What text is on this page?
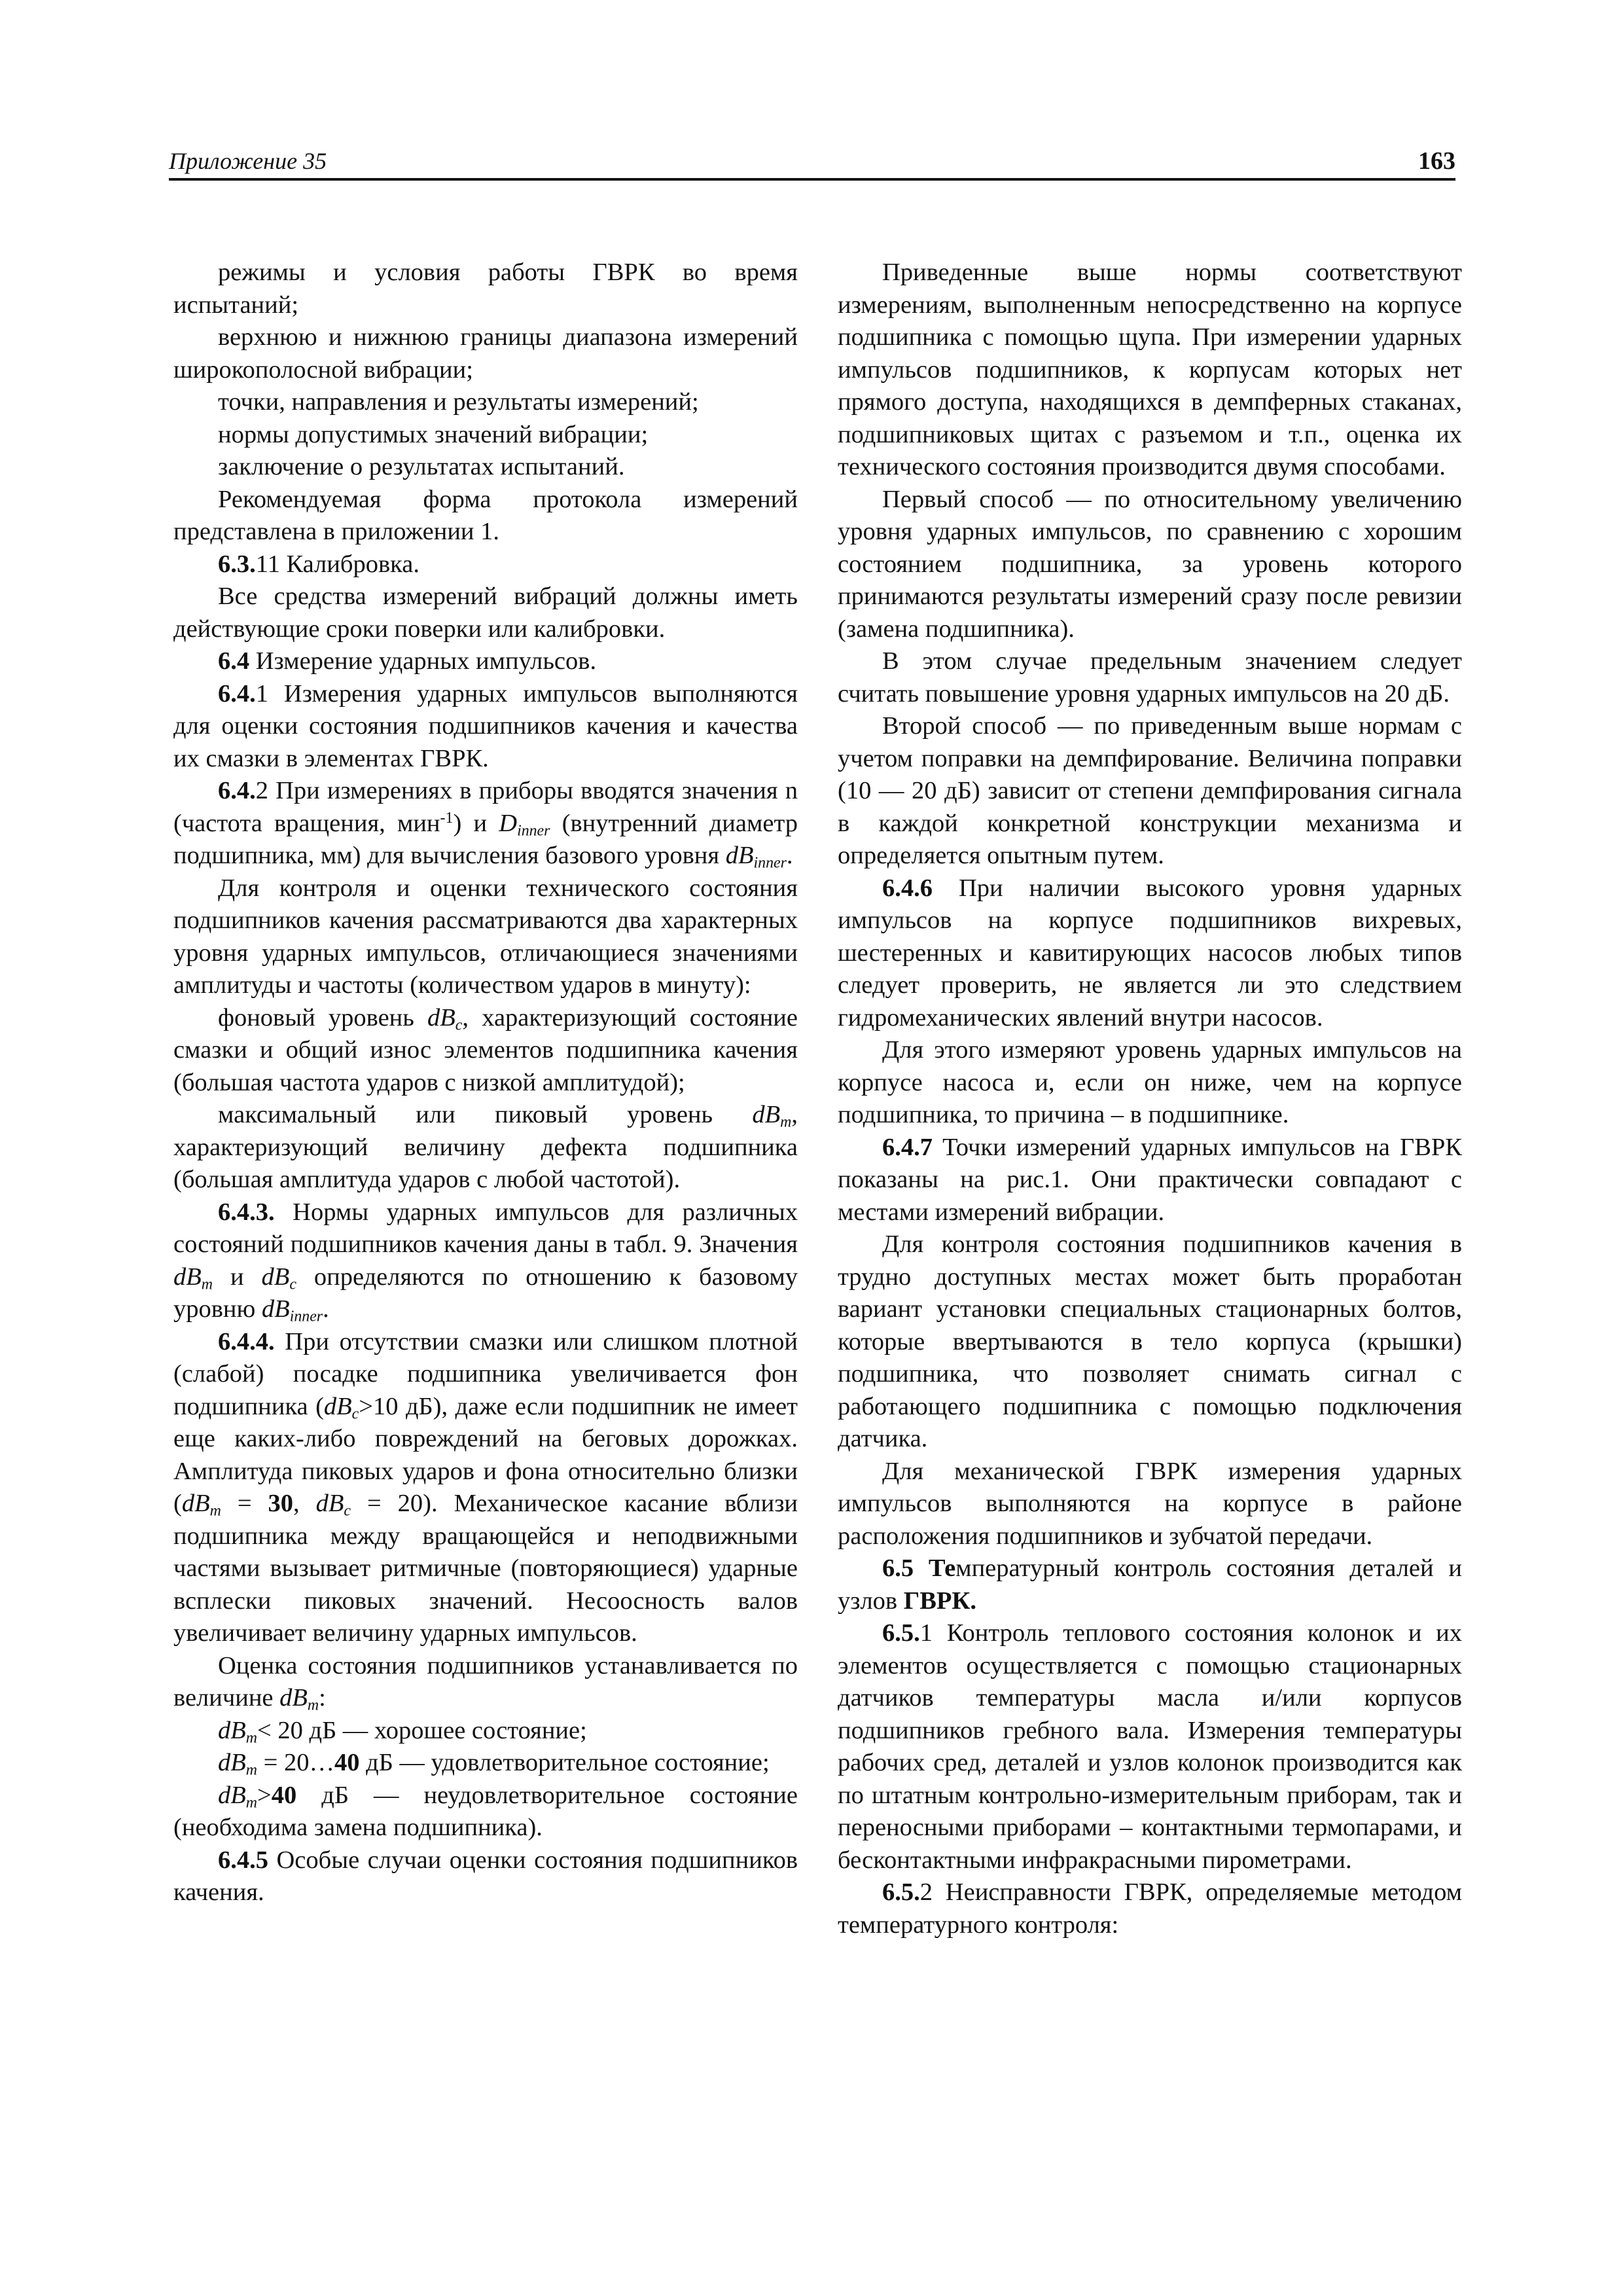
Приложение 35	163

режимы и условия работы ГВРК во время испытаний;

верхнюю и нижнюю границы диапазона измерений широкополосной вибрации;

точки, направления и результаты измерений;

нормы допустимых значений вибрации;

заключение о результатах испытаний.

Рекомендуемая форма протокола измерений представлена в приложении 1.

6.3.11 Калибровка.

Все средства измерений вибраций должны иметь действующие сроки поверки или калибровки.

6.4 Измерение ударных импульсов.

6.4.1 Измерения ударных импульсов выполняются для оценки состояния подшипников качения и качества их смазки в элементах ГВРК.

6.4.2 При измерениях в приборы вводятся значения n (частота вращения, мин$^{-1}$) и $D_{inner}$ (внутренний диаметр подшипника, мм) для вычисления базового уровня $dB_{inner}$.

Для контроля и оценки технического состояния подшипников качения рассматриваются два характерных уровня ударных импульсов, отличающиеся значениями амплитуды и частоты (количеством ударов в минуту):

фоновый уровень $dB_c$, характеризующий состояние смазки и общий износ элементов подшипника качения (большая частота ударов с низкой амплитудой);

максимальный или пиковый уровень $dB_m$, характеризующий величину дефекта подшипника (большая амплитуда ударов с любой частотой).

6.4.3. Нормы ударных импульсов для различных состояний подшипников качения даны в табл. 9. Значения $dB_m$ и $dB_c$ определяются по отношению к базовому уровню $dB_{inner}$.

6.4.4. При отсутствии смазки или слишком плотной (слабой) посадке подшипника увеличивается фон подшипника ($dB_c>10$ дБ), даже если подшипник не имеет еще каких-либо повреждений на беговых дорожках. Амплитуда пиковых ударов и фона относительно близки ($dB_m = 30$, $dB_c = 20$). Механическое касание вблизи подшипника между вращающейся и неподвижными частями вызывает ритмичные (повторяющиеся) ударные всплески пиковых значений. Несоосность валов увеличивает величину ударных импульсов.

Оценка состояния подшипников устанавливается по величине $dB_m$:

$dB_m< 20$ дБ — хорошее состояние;

$dB_m$ = 20…40 дБ — удовлетворительное состояние;

$dB_m>40$ дБ — неудовлетворительное состояние (необходима замена подшипника).

6.4.5 Особые случаи оценки состояния подшипников качения.

Приведенные выше нормы соответствуют измерениям, выполненным непосредственно на корпусе подшипника с помощью щупа. При измерении ударных импульсов подшипников, к корпусам которых нет прямого доступа, находящихся в демпферных стаканах, подшипниковых щитах с разъемом и т.п., оценка их технического состояния производится двумя способами.

Первый способ — по относительному увеличению уровня ударных импульсов, по сравнению с хорошим состоянием подшипника, за уровень которого принимаются результаты измерений сразу после ревизии (замена подшипника).

В этом случае предельным значением следует считать повышение уровня ударных импульсов на 20 дБ.

Второй способ — по приведенным выше нормам с учетом поправки на демпфирование. Величина поправки (10 — 20 дБ) зависит от степени демпфирования сигнала в каждой конкретной конструкции механизма и определяется опытным путем.

6.4.6 При наличии высокого уровня ударных импульсов на корпусе подшипников вихревых, шестеренных и кавитирующих насосов любых типов следует проверить, не является ли это следствием гидромеханических явлений внутри насосов.

Для этого измеряют уровень ударных импульсов на корпусе насоса и, если он ниже, чем на корпусе подшипника, то причина – в подшипнике.

6.4.7 Точки измерений ударных импульсов на ГВРК показаны на рис.1. Они практически совпадают с местами измерений вибрации.

Для контроля состояния подшипников качения в трудно доступных местах может быть проработан вариант установки специальных стационарных болтов, которые ввертываются в тело корпуса (крышки) подшипника, что позволяет снимать сигнал с работающего подшипника с помощью подключения датчика.

Для механической ГВРК измерения ударных импульсов выполняются на корпусе в районе расположения подшипников и зубчатой передачи.

6.5 Температурный контроль состояния деталей и узлов ГВРК.

6.5.1 Контроль теплового состояния колонок и их элементов осуществляется с помощью стационарных датчиков температуры масла и/или корпусов подшипников гребного вала. Измерения температуры рабочих сред, деталей и узлов колонок производится как по штатным контрольно-измерительным приборам, так и переносными приборами – контактными термопарами, и бесконтактными инфракрасными пирометрами.

6.5.2 Неисправности ГВРК, определяемые методом температурного контроля:
